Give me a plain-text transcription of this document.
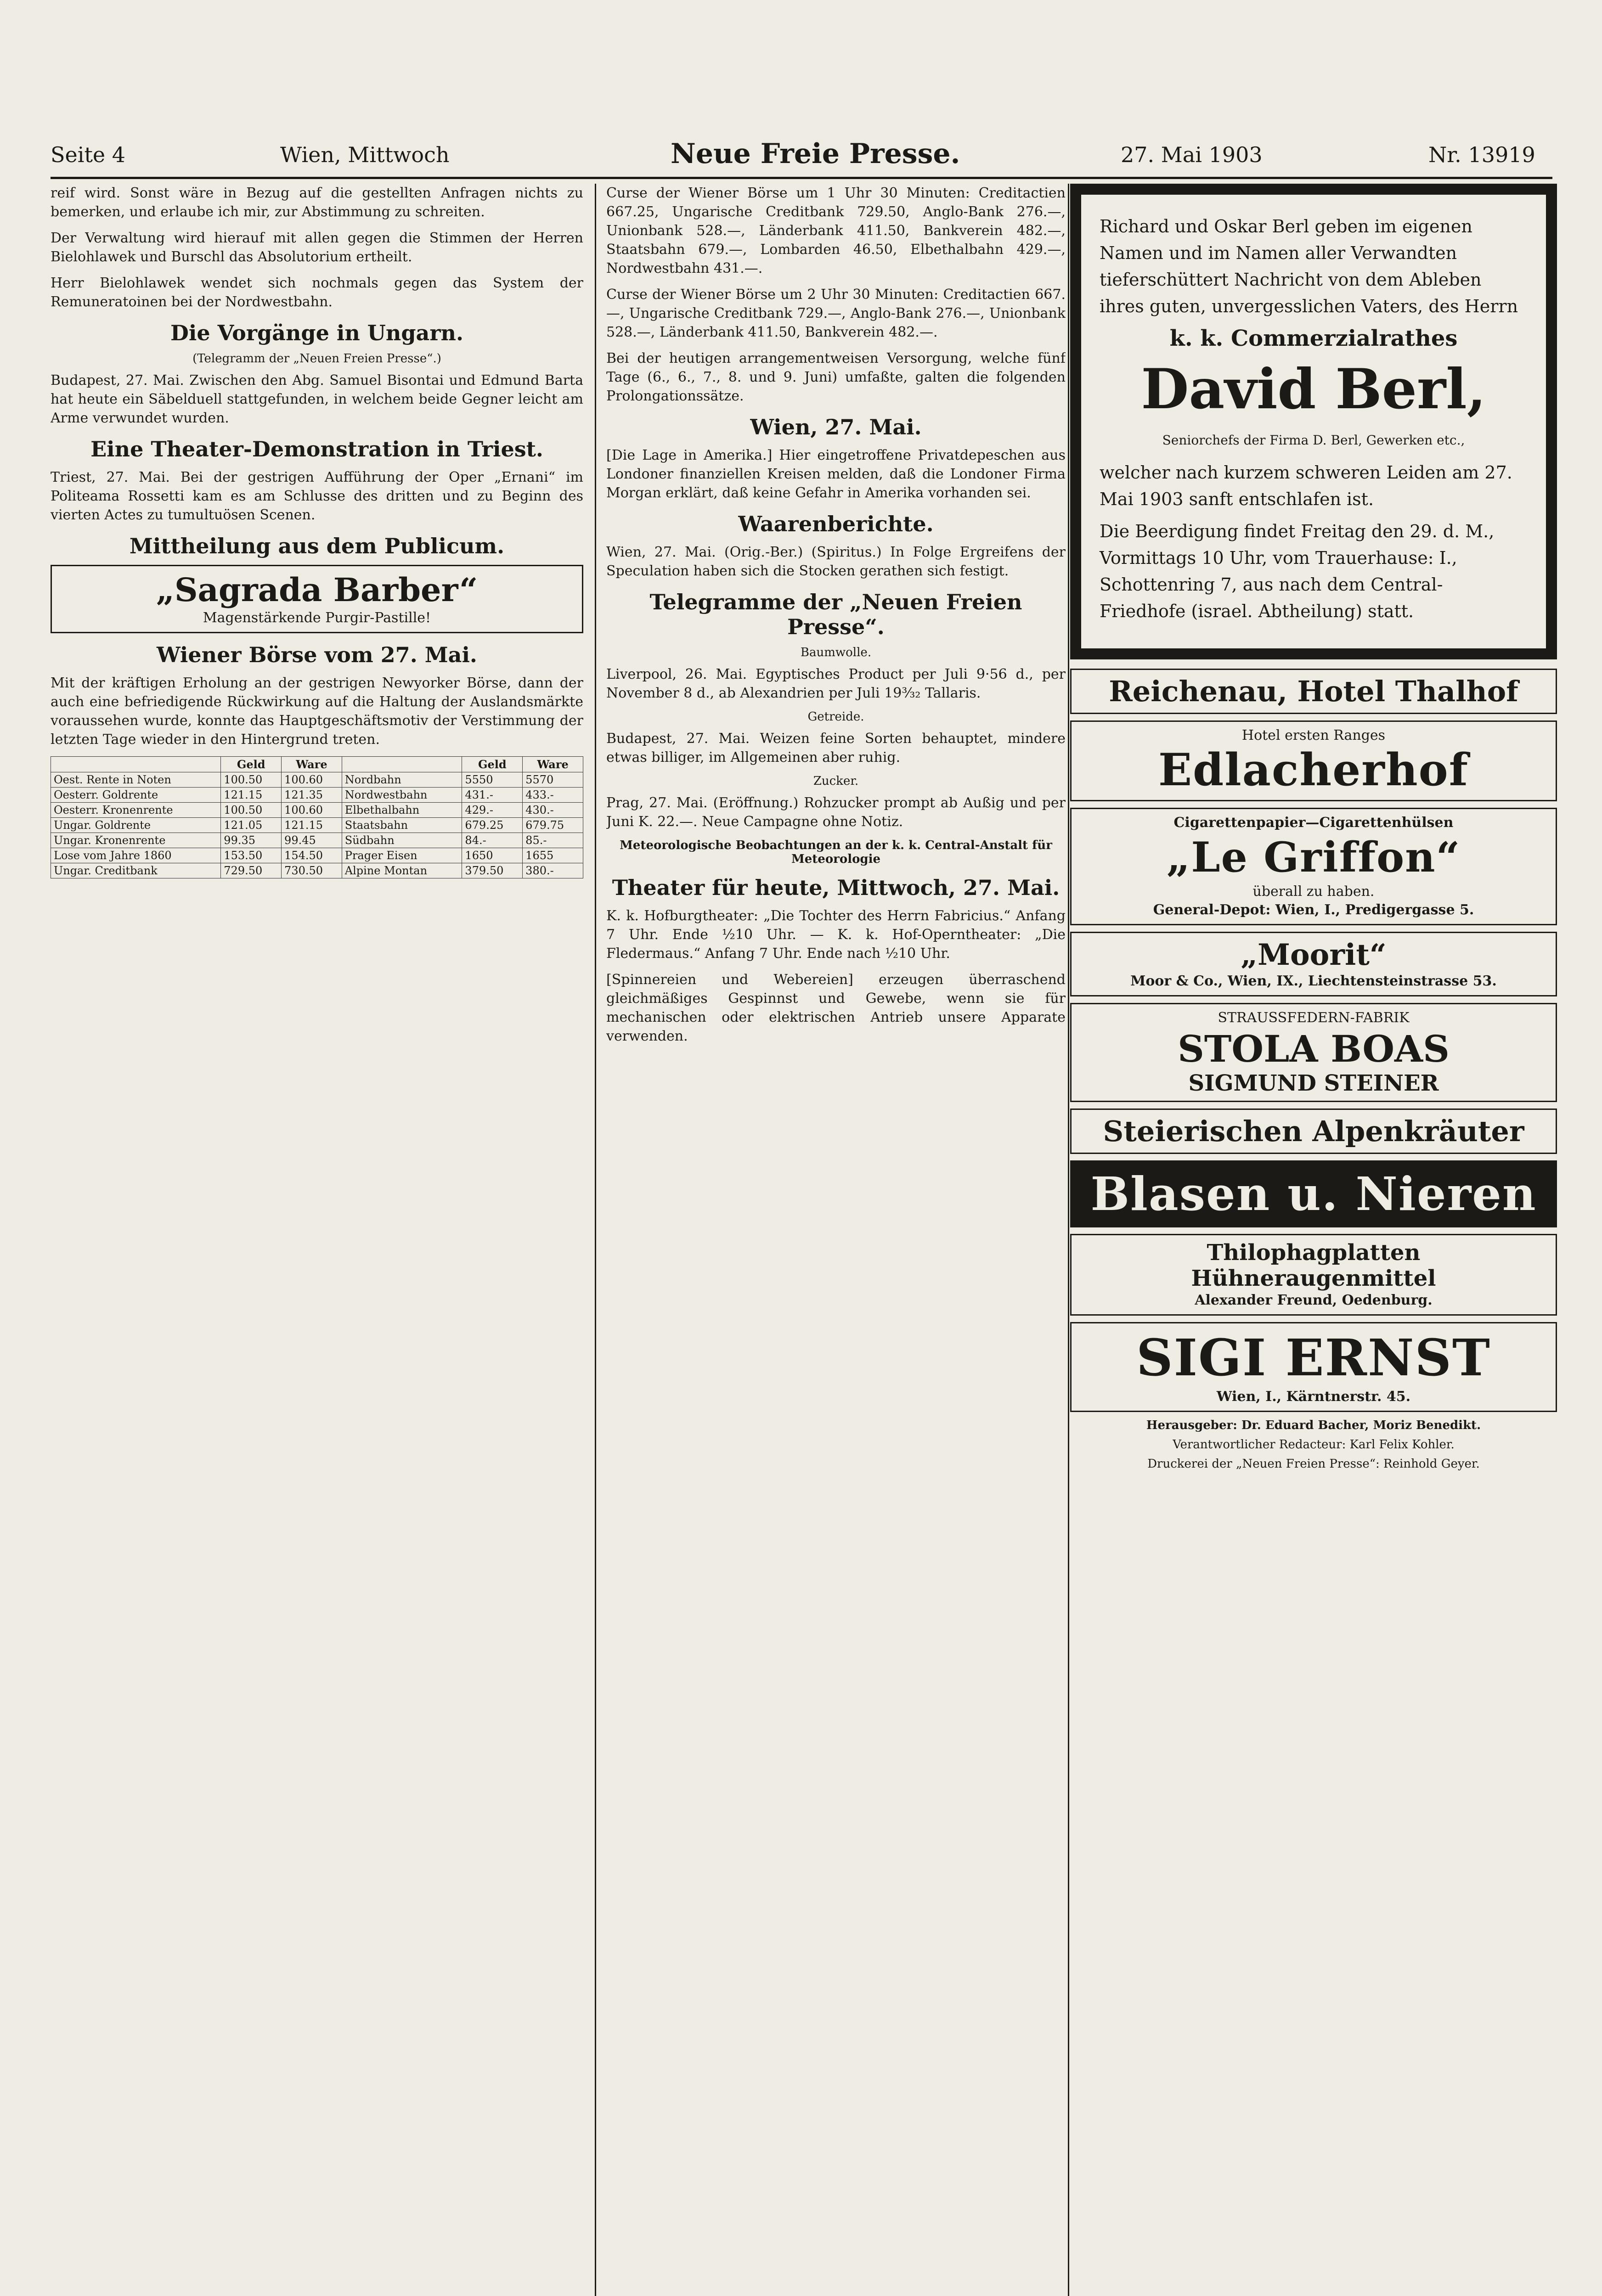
Seite 4	Wien, Mittwoch	Neue Freie Presse.	27. Mai 1903	Nr. 13919

reif wird. Sonst wäre in Bezug auf die gestellten Anfragen nichts zu bemerken, und erlaube ich mir, zur Abstimmung zu schreiten.

Der Verwaltung wird hierauf mit allen gegen die Stimmen der Herren Bielohlawek und Burschl das Absolutorium ertheilt.

Herr Bielohlawek wendet sich nochmals gegen das System der Remuneratoinen bei der Nordwestbahn.

Die Vorgänge in Ungarn.
(Telegramm der „Neuen Freien Presse“.)

Budapest, 27. Mai. Zwischen den Abg. Samuel Bisontai und Edmund Barta hat heute ein Säbelduell stattgefunden, in welchem beide Gegner leicht am Arme verwundet wurden.

Eine Theater-Demonstration in Triest.

Triest, 27. Mai. Bei der gestrigen Aufführung der Oper „Ernani“ im Politeama Rossetti kam es am Schlusse des dritten und zu Beginn des vierten Actes zu tumultuösen Scenen.

Mittheilung aus dem Publicum.
„Sagrada Barber“
Magenstärkende Purgir-Pastille!
Wiener Börse vom 27. Mai.

Mit der kräftigen Erholung an der gestrigen Newyorker Börse, dann der auch eine befriedigende Rückwirkung auf die Haltung der Auslandsmärkte voraussehen wurde, konnte das Hauptgeschäftsmotiv der Verstimmung der letzten Tage wieder in den Hintergrund treten.

	Geld	Ware		Geld	Ware
Oest. Rente in Noten	100.50	100.60	Nordbahn	5550	5570
Oesterr. Goldrente	121.15	121.35	Nordwestbahn	431.-	433.-
Oesterr. Kronenrente	100.50	100.60	Elbethalbahn	429.-	430.-
Ungar. Goldrente	121.05	121.15	Staatsbahn	679.25	679.75
Ungar. Kronenrente	99.35	99.45	Südbahn	84.-	85.-
Lose vom Jahre 1860	153.50	154.50	Prager Eisen	1650	1655
Ungar. Creditbank	729.50	730.50	Alpine Montan	379.50	380.-

Curse der Wiener Börse um 1 Uhr 30 Minuten: Creditactien 667.25, Ungarische Creditbank 729.50, Anglo-Bank 276.—, Unionbank 528.—, Länderbank 411.50, Bankverein 482.—, Staatsbahn 679.—, Lombarden 46.50, Elbethalbahn 429.—, Nordwestbahn 431.—.

Curse der Wiener Börse um 2 Uhr 30 Minuten: Creditactien 667.—, Ungarische Creditbank 729.—, Anglo-Bank 276.—, Unionbank 528.—, Länderbank 411.50, Bankverein 482.—.

Bei der heutigen arrangementweisen Versorgung, welche fünf Tage (6., 6., 7., 8. und 9. Juni) umfaßte, galten die folgenden Prolongationssätze.

Wien, 27. Mai.

[Die Lage in Amerika.] Hier eingetroffene Privatdepeschen aus Londoner finanziellen Kreisen melden, daß die Londoner Firma Morgan erklärt, daß keine Gefahr in Amerika vorhanden sei.

Waarenberichte.

Wien, 27. Mai. (Orig.-Ber.) (Spiritus.) In Folge Ergreifens der Speculation haben sich die Stocken gerathen sich festigt.

Telegramme der „Neuen Freien Presse“.
Baumwolle.

Liverpool, 26. Mai. Egyptisches Product per Juli 9·56 d., per November 8 d., ab Alexandrien per Juli 19³⁄₃₂ Tallaris.

Getreide.

Budapest, 27. Mai. Weizen feine Sorten behauptet, mindere etwas billiger, im Allgemeinen aber ruhig.

Zucker.

Prag, 27. Mai. (Eröffnung.) Rohzucker prompt ab Außig und per Juni K. 22.—. Neue Campagne ohne Notiz.

Meteorologische Beobachtungen an der k. k. Central-Anstalt für Meteorologie
Theater für heute, Mittwoch, 27. Mai.

K. k. Hofburgtheater: „Die Tochter des Herrn Fabricius.“ Anfang 7 Uhr. Ende ½10 Uhr. — K. k. Hof-Operntheater: „Die Fledermaus.“ Anfang 7 Uhr. Ende nach ½10 Uhr.

[Spinnereien und Webereien] erzeugen überraschend gleichmäßiges Gespinnst und Gewebe, wenn sie für mechanischen oder elektrischen Antrieb unsere Apparate verwenden.

Richard und Oskar Berl geben im eigenen Namen und im Namen aller Verwandten tieferschüttert Nachricht von dem Ableben ihres guten, unvergesslichen Vaters, des Herrn

k. k. Commerzialrathes

David Berl,

Seniorchefs der Firma D. Berl, Gewerken etc.,

welcher nach kurzem schweren Leiden am 27. Mai 1903 sanft entschlafen ist.

Die Beerdigung findet Freitag den 29. d. M., Vormittags 10 Uhr, vom Trauerhause: I., Schottenring 7, aus nach dem Central-Friedhofe (israel. Abtheilung) statt.

Reichenau, Hotel Thalhof
Hotel ersten Ranges
Edlacherhof
Cigarettenpapier—Cigarettenhülsen
„Le Griffon“
überall zu haben.
General-Depot: Wien, I., Predigergasse 5.
„Moorit“
Moor & Co., Wien, IX., Liechtensteinstrasse 53.
STRAUSSFEDERN-FABRIK
STOLA BOAS
SIGMUND STEINER
Steierischen Alpenkräuter
Blasen u. Nieren
Thilophagplatten
Hühneraugenmittel
Alexander Freund, Oedenburg.
SIGI ERNST
Wien, I., Kärntnerstr. 45.
Herausgeber: Dr. Eduard Bacher, Moriz Benedikt.
Verantwortlicher Redacteur: Karl Felix Kohler.
Druckerei der „Neuen Freien Presse“: Reinhold Geyer.
